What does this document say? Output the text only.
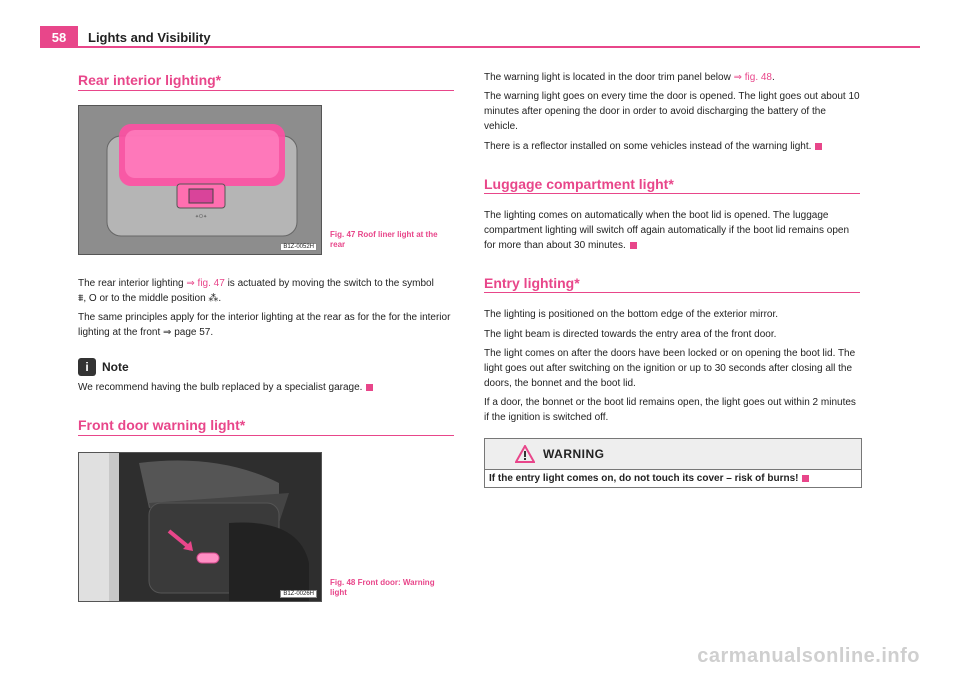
58	Lights and Visibility
Rear interior lighting*
✦O✦
B1Z-0052H
Fig. 47 Roof liner light at the rear
The rear interior lighting ⇒ fig. 47 is actuated by moving the switch to the symbol
⩩, O or to the middle position ⁂.
The same principles apply for the interior lighting at the rear as for the for the interior lighting at the front ⇒ page 57.
i	Note
We recommend having the bulb replaced by a specialist garage.
Front door warning light*
B1Z-0026H
Fig. 48 Front door: Warning light
The warning light is located in the door trim panel below ⇒ fig. 48.
The warning light goes on every time the door is opened. The light goes out about 10 minutes after opening the door in order to avoid discharging the battery of the vehicle.
There is a reflector installed on some vehicles instead of the warning light.
Luggage compartment light*
The lighting comes on automatically when the boot lid is opened. The luggage compartment lighting will switch off again automatically if the boot lid remains open for more than about 30 minutes.
Entry lighting*
The lighting is positioned on the bottom edge of the exterior mirror.
The light beam is directed towards the entry area of the front door.
The light comes on after the doors have been locked or on opening the boot lid. The light goes out after switching on the ignition or up to 30 seconds after closing all the doors, the bonnet and the boot lid.
If a door, the bonnet or the boot lid remains open, the light goes out within 2 minutes if the ignition is switched off.
WARNING
If the entry light comes on, do not touch its cover – risk of burns!
carmanualsonline.info
